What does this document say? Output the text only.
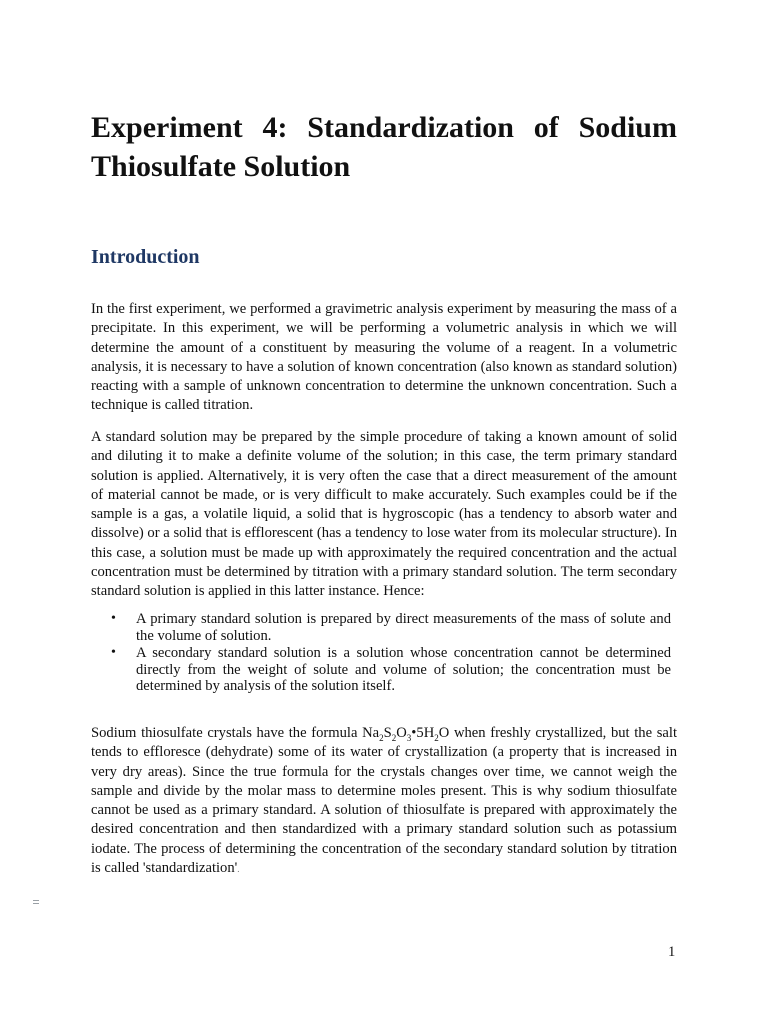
Experiment 4: Standardization of Sodium Thiosulfate Solution
Introduction

In the first experiment, we performed a gravimetric analysis experiment by measuring the mass of a precipitate. In this experiment, we will be performing a volumetric analysis in which we will determine the amount of a constituent by measuring the volume of a reagent. In a volumetric analysis, it is necessary to have a solution of known concentration (also known as standard solution) reacting with a sample of unknown concentration to determine the unknown concentration. Such a technique is called titration.

A standard solution may be prepared by the simple procedure of taking a known amount of solid and diluting it to make a definite volume of the solution; in this case, the term primary standard solution is applied. Alternatively, it is very often the case that a direct measurement of the amount of material cannot be made, or is very difficult to make accurately. Such examples could be if the sample is a gas, a volatile liquid, a solid that is hygroscopic (has a tendency to absorb water and dissolve) or a solid that is efflorescent (has a tendency to lose water from its molecular structure). In this case, a solution must be made up with approximately the required concentration and the actual concentration must be determined by titration with a primary standard solution. The term secondary standard solution is applied in this latter instance. Hence:

• A primary standard solution is prepared by direct measurements of the mass of solute and the volume of solution.
• A secondary standard solution is a solution whose concentration cannot be determined directly from the weight of solute and volume of solution; the concentration must be determined by analysis of the solution itself.

Sodium thiosulfate crystals have the formula $Na_2S_2O_3•5H_2O$ when freshly crystallized, but the salt tends to effloresce (dehydrate) some of its water of crystallization (a property that is increased in very dry areas). Since the true formula for the crystals changes over time, we cannot weigh the sample and divide by the molar mass to determine moles present. This is why sodium thiosulfate cannot be used as a primary standard. A solution of thiosulfate is prepared with approximately the desired concentration and then standardized with a primary standard solution such as potassium iodate. The process of determining the concentration of the secondary standard solution by titration is called 'standardization'.

1
